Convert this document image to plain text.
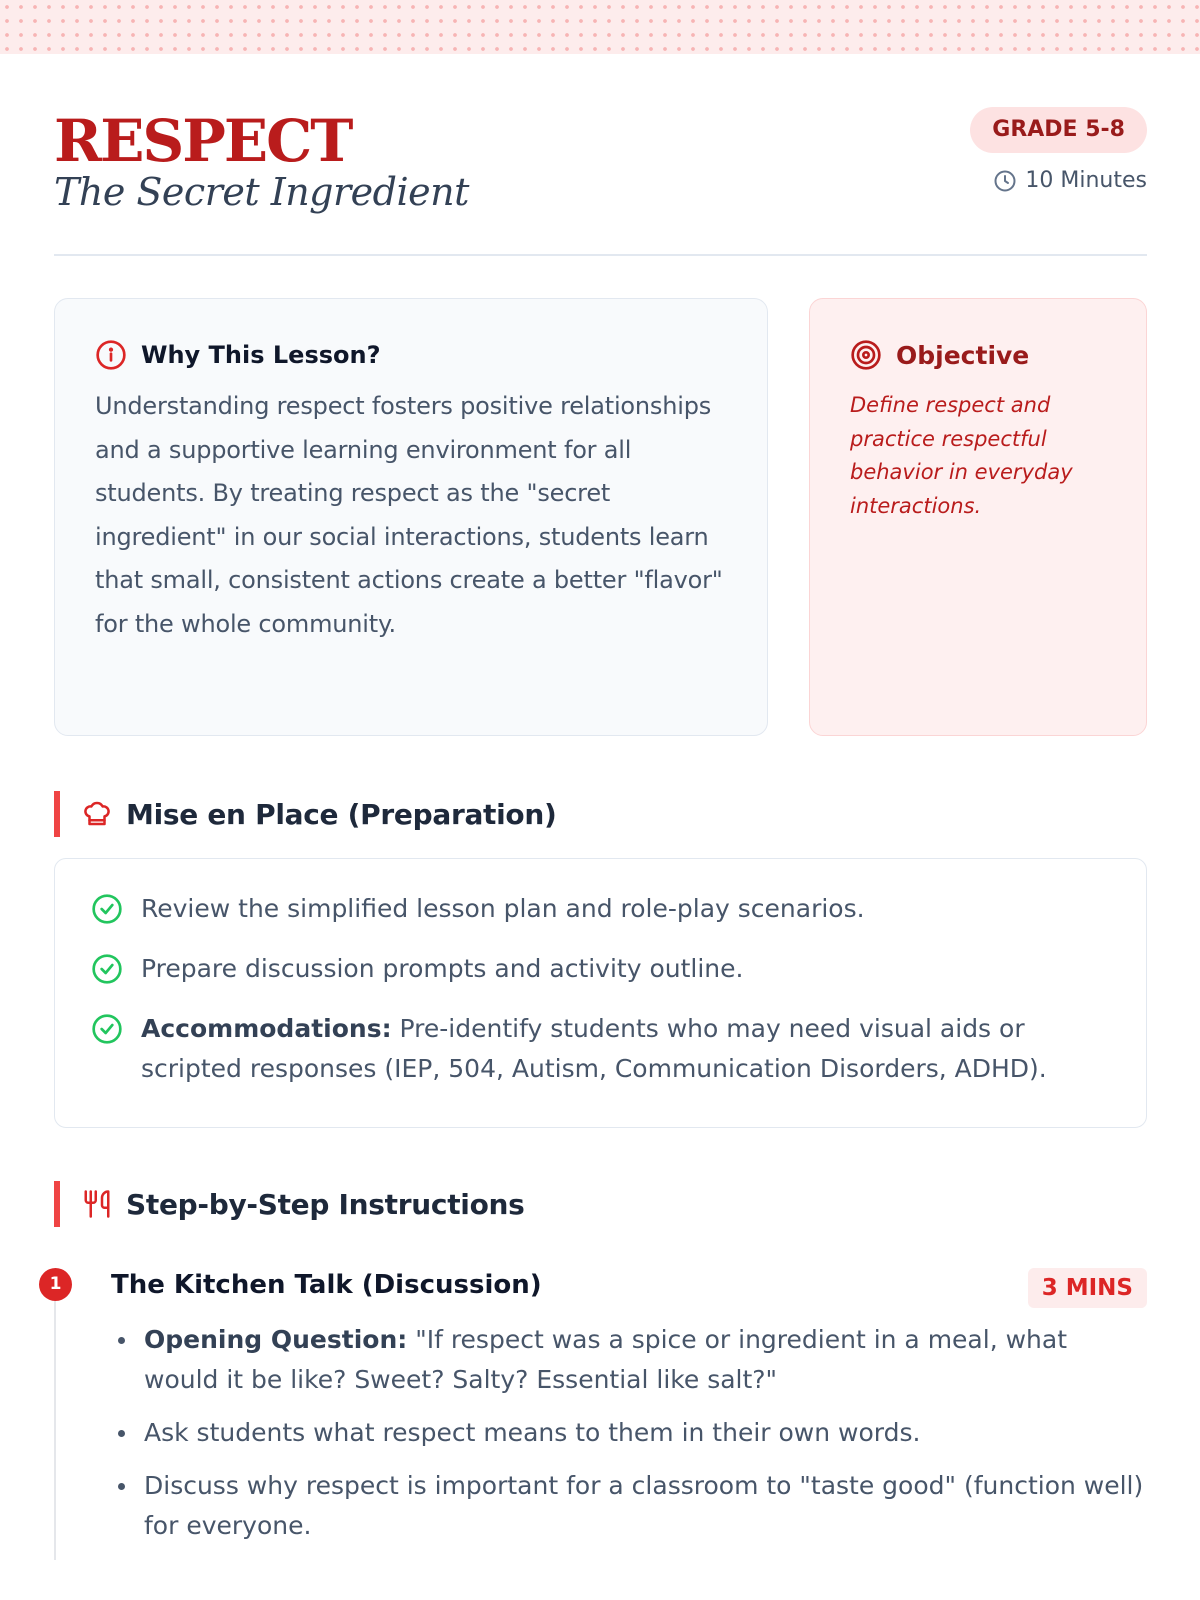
RESPECT
The Secret Ingredient
GRADE 5-8
10 Minutes
Why This Lesson?

Understanding respect fosters positive relationships and a supportive learning environment for all students. By treating respect as the "secret ingredient" in our social interactions, students learn that small, consistent actions create a better "flavor" for the whole community.

Objective

Define respect and practice respectful behavior in everyday interactions.

Mise en Place (Preparation)
Review the simplified lesson plan and role-play scenarios.
Prepare discussion prompts and activity outline.
Accommodations: Pre-identify students who may need visual aids or scripted responses (IEP, 504, Autism, Communication Disorders, ADHD).
Step-by-Step Instructions
1	The Kitchen Talk (Discussion)	3 MINS
Opening Question: "If respect was a spice or ingredient in a meal, what would it be like? Sweet? Salty? Essential like salt?"
Ask students what respect means to them in their own words.
Discuss why respect is important for a classroom to "taste good" (function well) for everyone.
